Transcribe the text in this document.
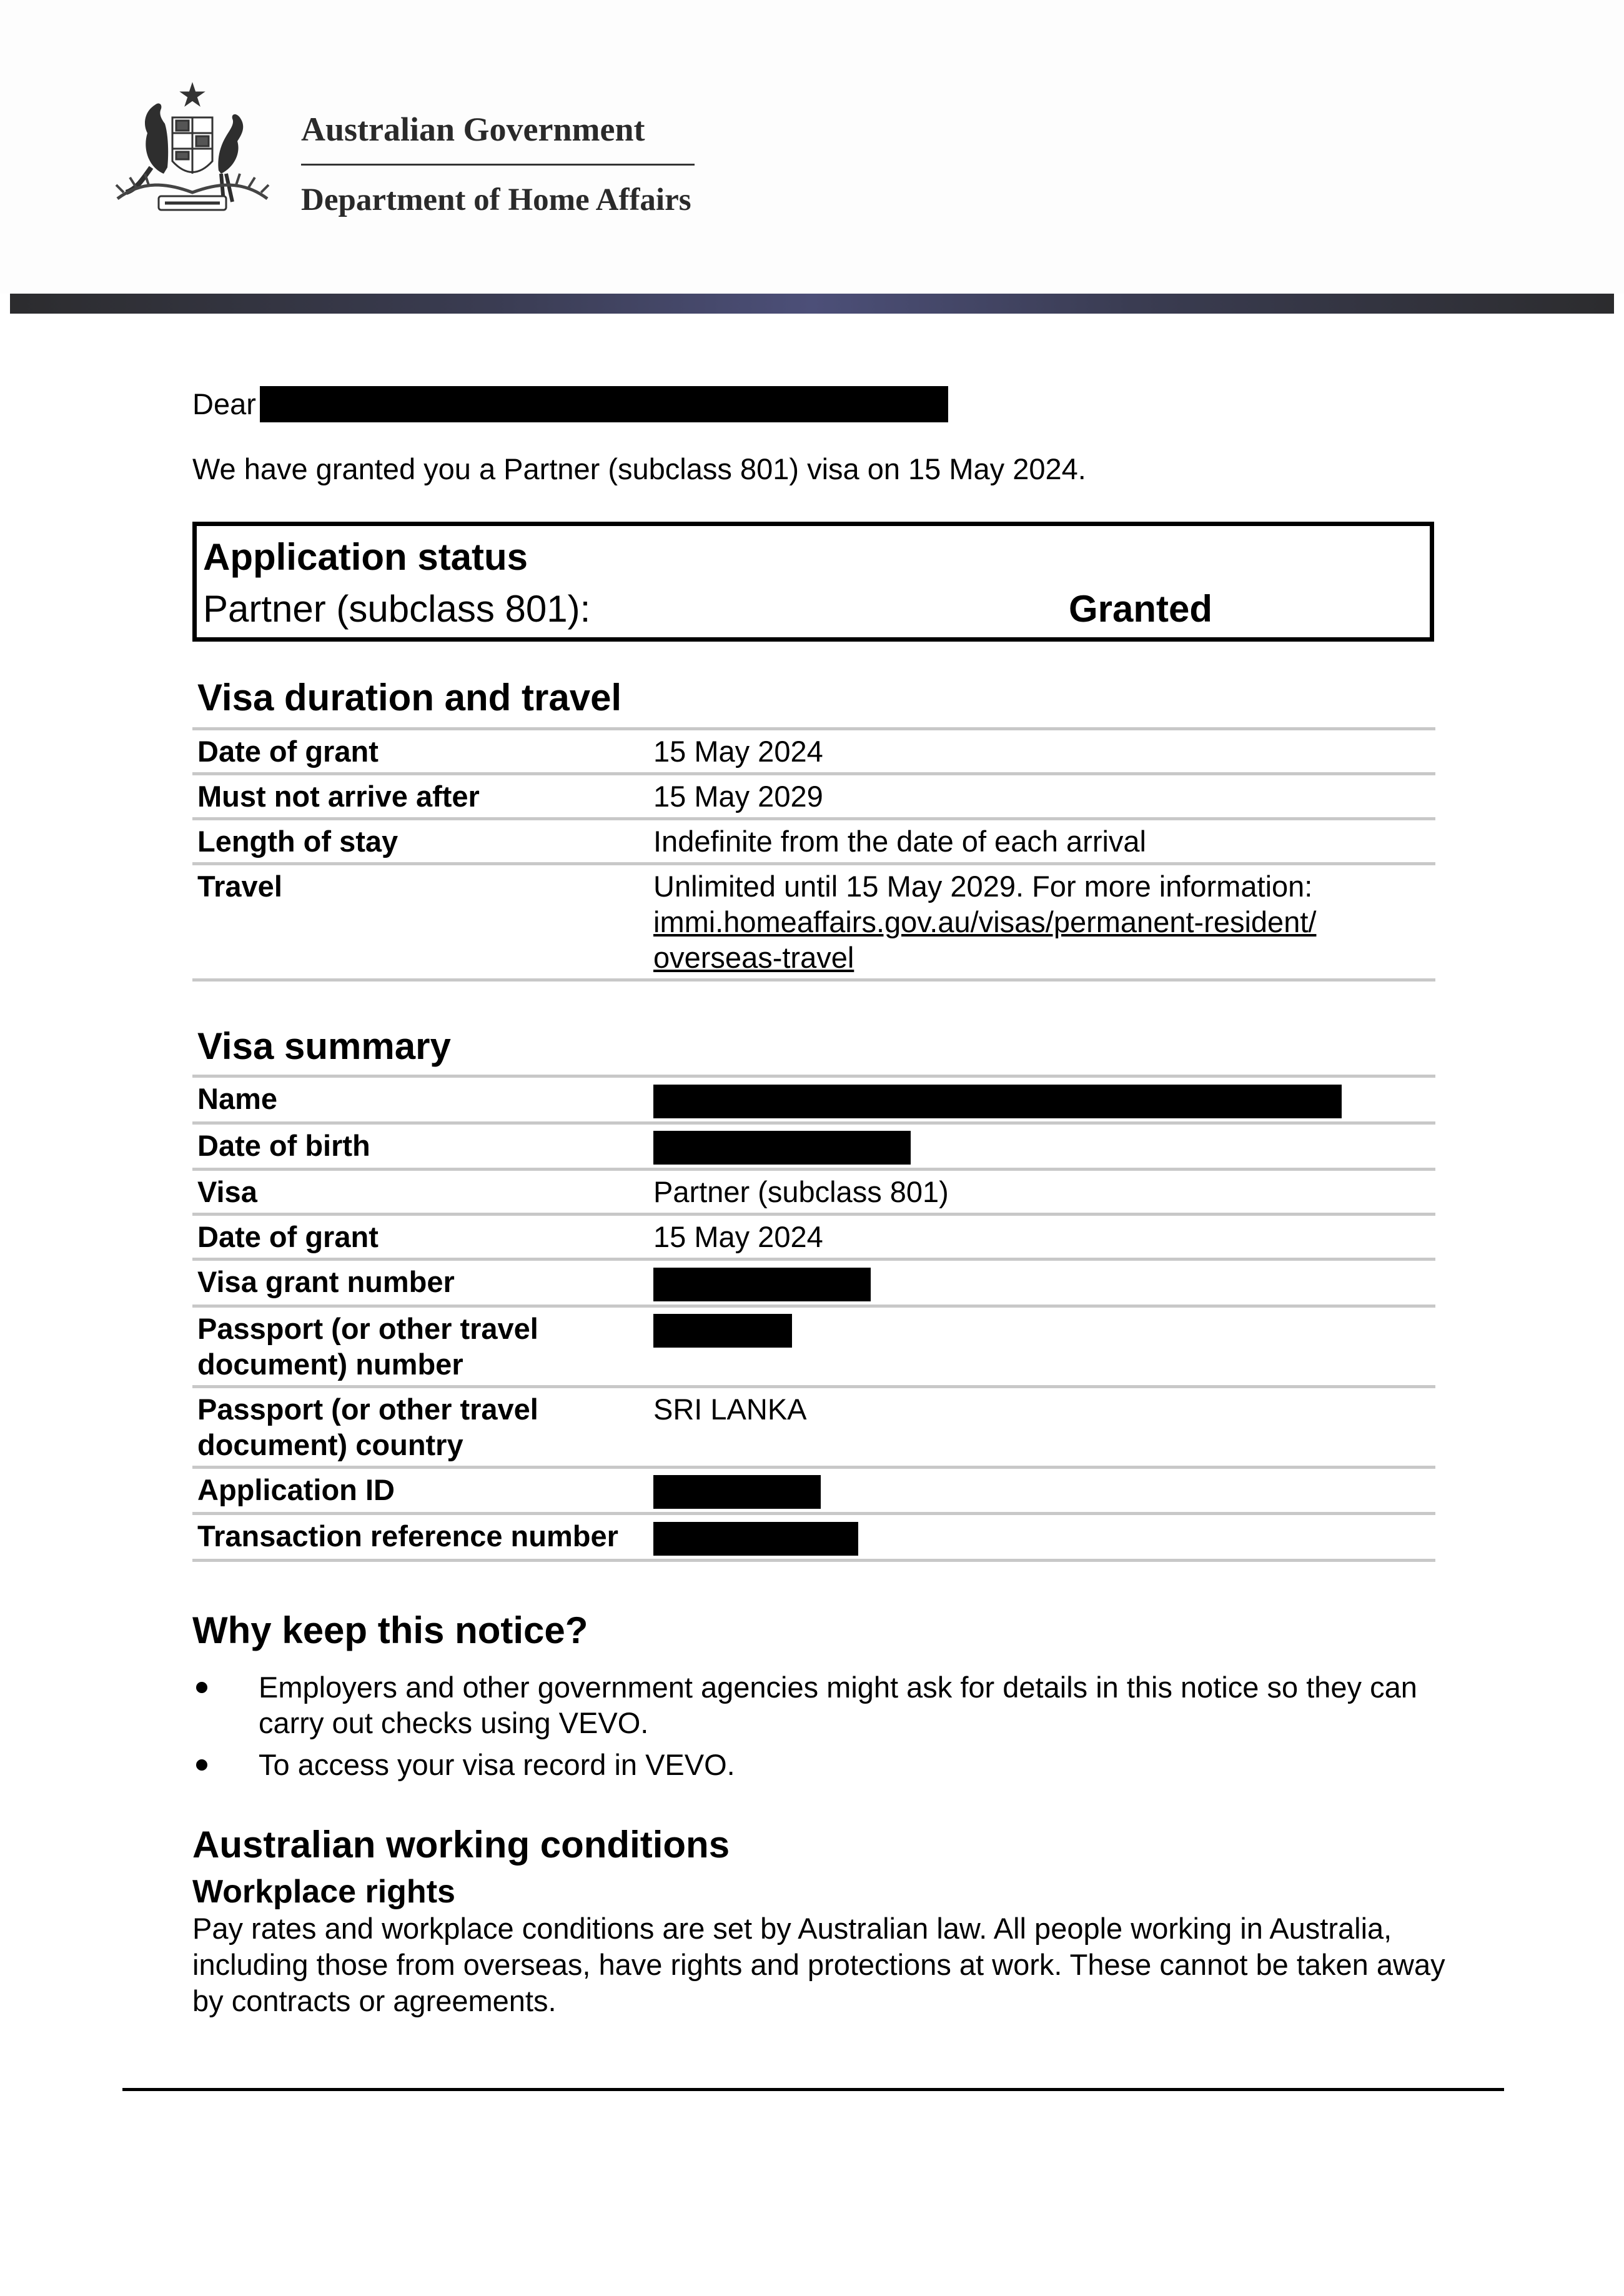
Australian Government
Department of Home Affairs
Dear
We have granted you a Partner (subclass 801) visa on 15 May 2024.
Application status
Partner (subclass 801):	Granted
Visa duration and travel
Date of grant	15 May 2024
Must not arrive after	15 May 2029
Length of stay	Indefinite from the date of each arrival
Travel	Unlimited until 15 May 2029. For more information:
immi.homeaffairs.gov.au/visas/permanent-resident/
overseas-travel
Visa summary
Name	
Date of birth	
Visa	Partner (subclass 801)
Date of grant	15 May 2024
Visa grant number	
Passport (or other travel
document) number	
Passport (or other travel
document) country	SRI LANKA
Application ID	
Transaction reference number	
Why keep this notice?
Employers and other government agencies might ask for details in this notice so they can carry out checks using VEVO.
To access your visa record in VEVO.
Australian working conditions
Workplace rights
Pay rates and workplace conditions are set by Australian law. All people working in Australia, including those from overseas, have rights and protections at work. These cannot be taken away by contracts or agreements.
